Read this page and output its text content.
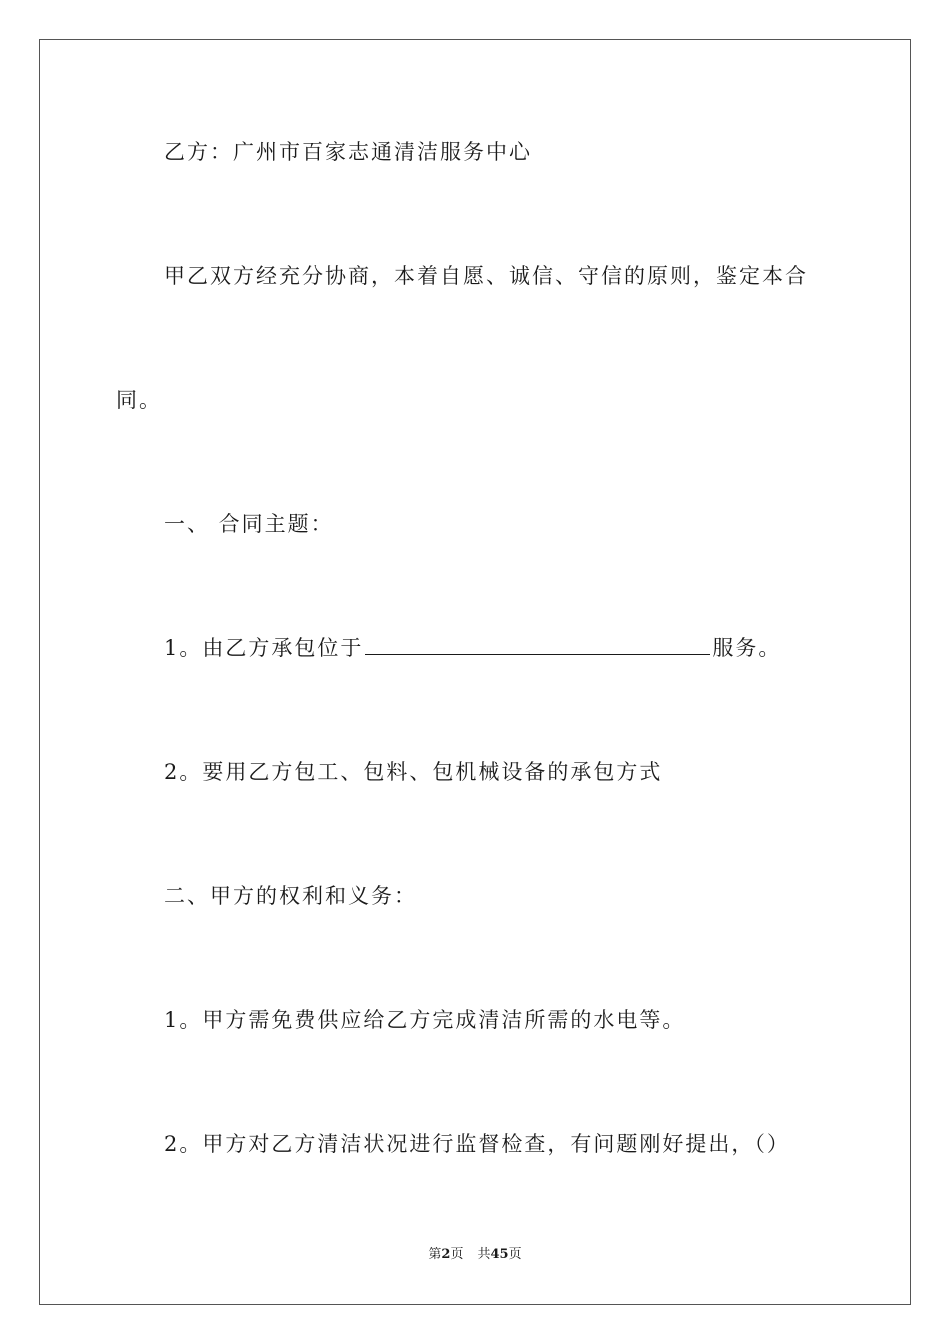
乙方：广州市百家志通清洁服务中心
甲乙双方经充分协商，本着自愿、诚信、守信的原则，鉴定本合
同。
一、 合同主题：
1。由乙方承包位于	服务。
2。要用乙方包工、包料、包机械设备的承包方式
二、甲方的权利和义务：
1。甲方需免费供应给乙方完成清洁所需的水电等。
2。甲方对乙方清洁状况进行监督检查，有问题刚好提出，（）
第2页 共45页
